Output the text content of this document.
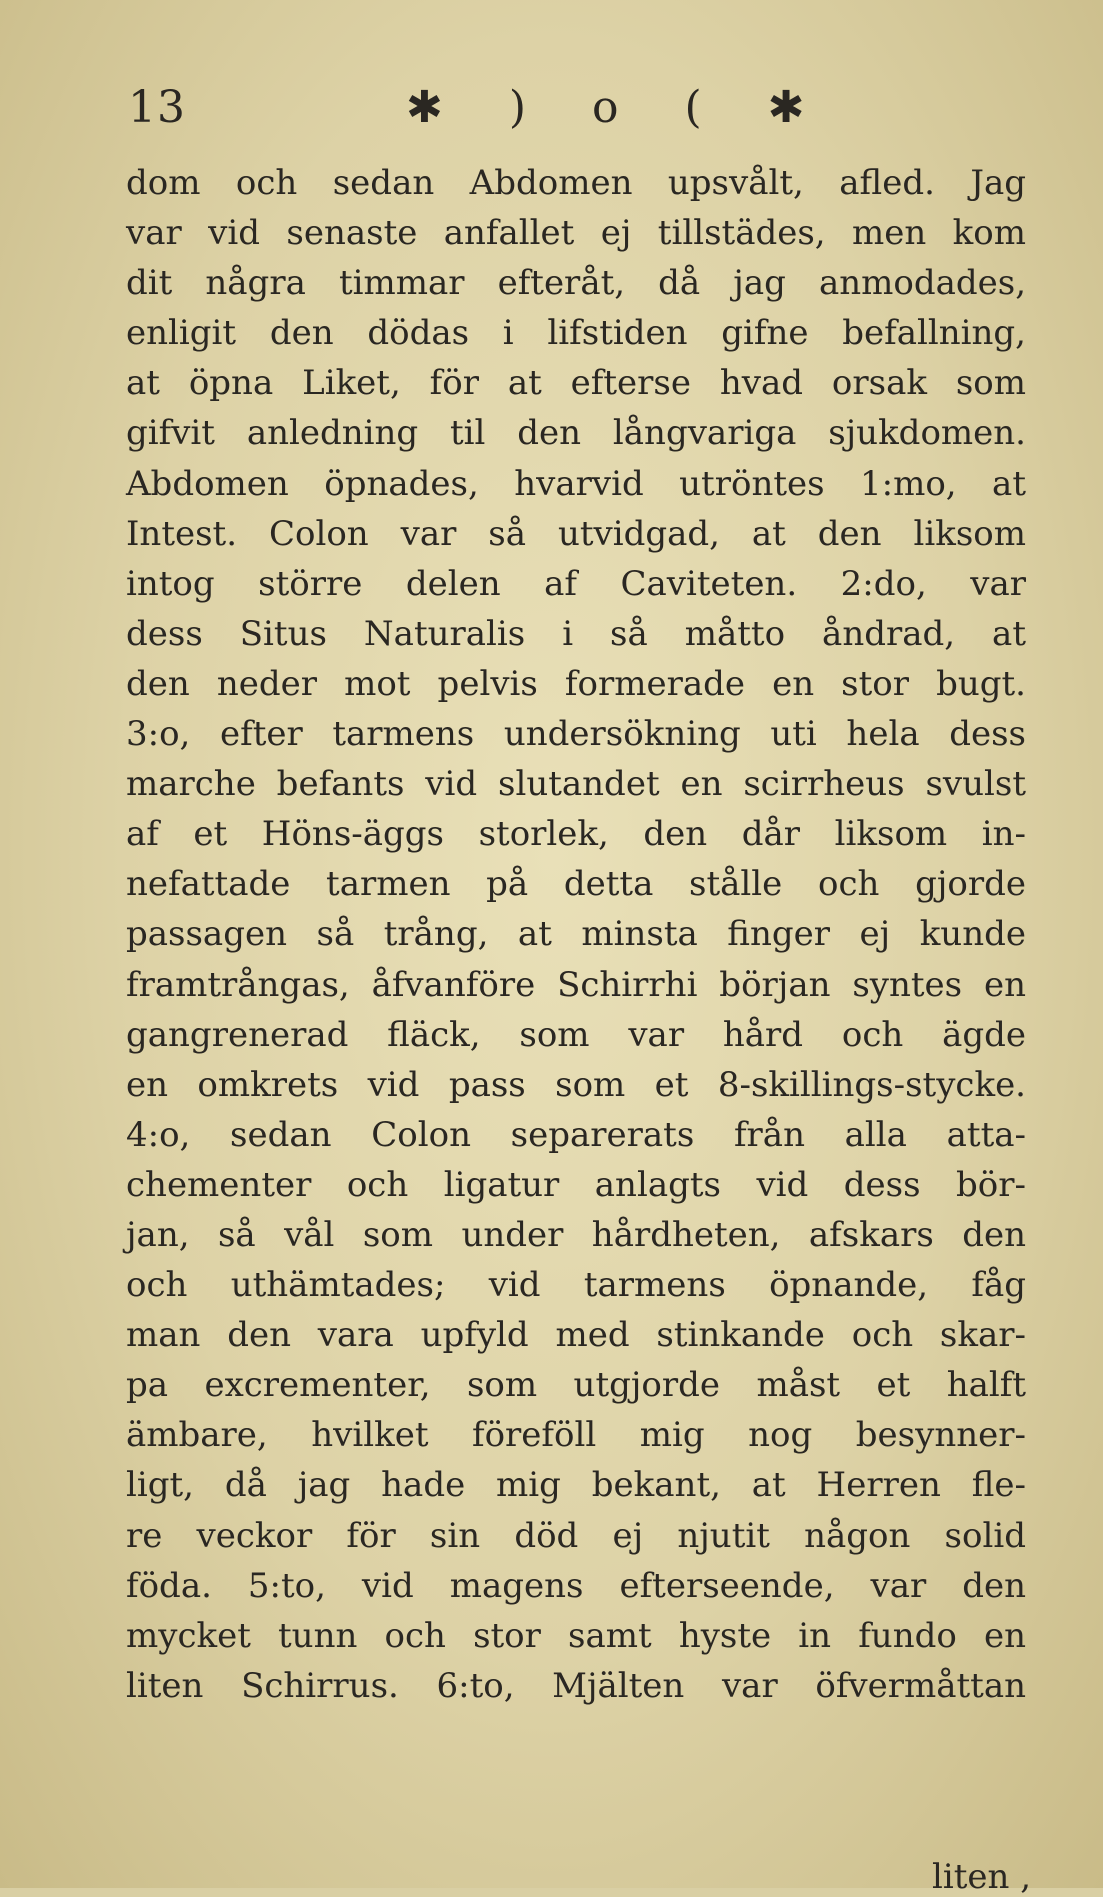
13	✱ ) o ( ✱
dom och sedan Abdomen upsvålt, afled. Jag
var vid senaste anfallet ej tillstädes, men kom
dit några timmar efteråt, då jag anmodades,
enligit den dödas i lifstiden gifne befallning,
at öpna Liket, för at efterse hvad orsak som
gifvit anledning til den långvariga sjukdomen.
Abdomen öpnades, hvarvid utröntes 1:mo, at
Intest. Colon var så utvidgad, at den liksom
intog större delen af Caviteten. 2:do, var
dess Situs Naturalis i så måtto åndrad, at
den neder mot pelvis formerade en stor bugt.
3:o, efter tarmens undersökning uti hela dess
marche befants vid slutandet en scirrheus svulst
af et Höns-äggs storlek, den dår liksom in-
nefattade tarmen på detta stålle och gjorde
passagen så trång, at minsta finger ej kunde
framtrångas, åfvanföre Schirrhi början syntes en
gangrenerad fläck, som var hård och ägde
en omkrets vid pass som et 8-skillings-stycke.
4:o, sedan Colon separerats från alla atta-
chementer och ligatur anlagts vid dess bör-
jan, så vål som under hårdheten, afskars den
och uthämtades; vid tarmens öpnande, fåg
man den vara upfyld med stinkande och skar-
pa excrementer, som utgjorde måst et halft
ämbare, hvilket föreföll mig nog besynner-
ligt, då jag hade mig bekant, at Herren fle-
re veckor för sin död ej njutit någon solid
föda. 5:to, vid magens efterseende, var den
mycket tunn och stor samt hyste in fundo en
liten Schirrus. 6:to, Mjälten var öfvermåttan
liten ,
